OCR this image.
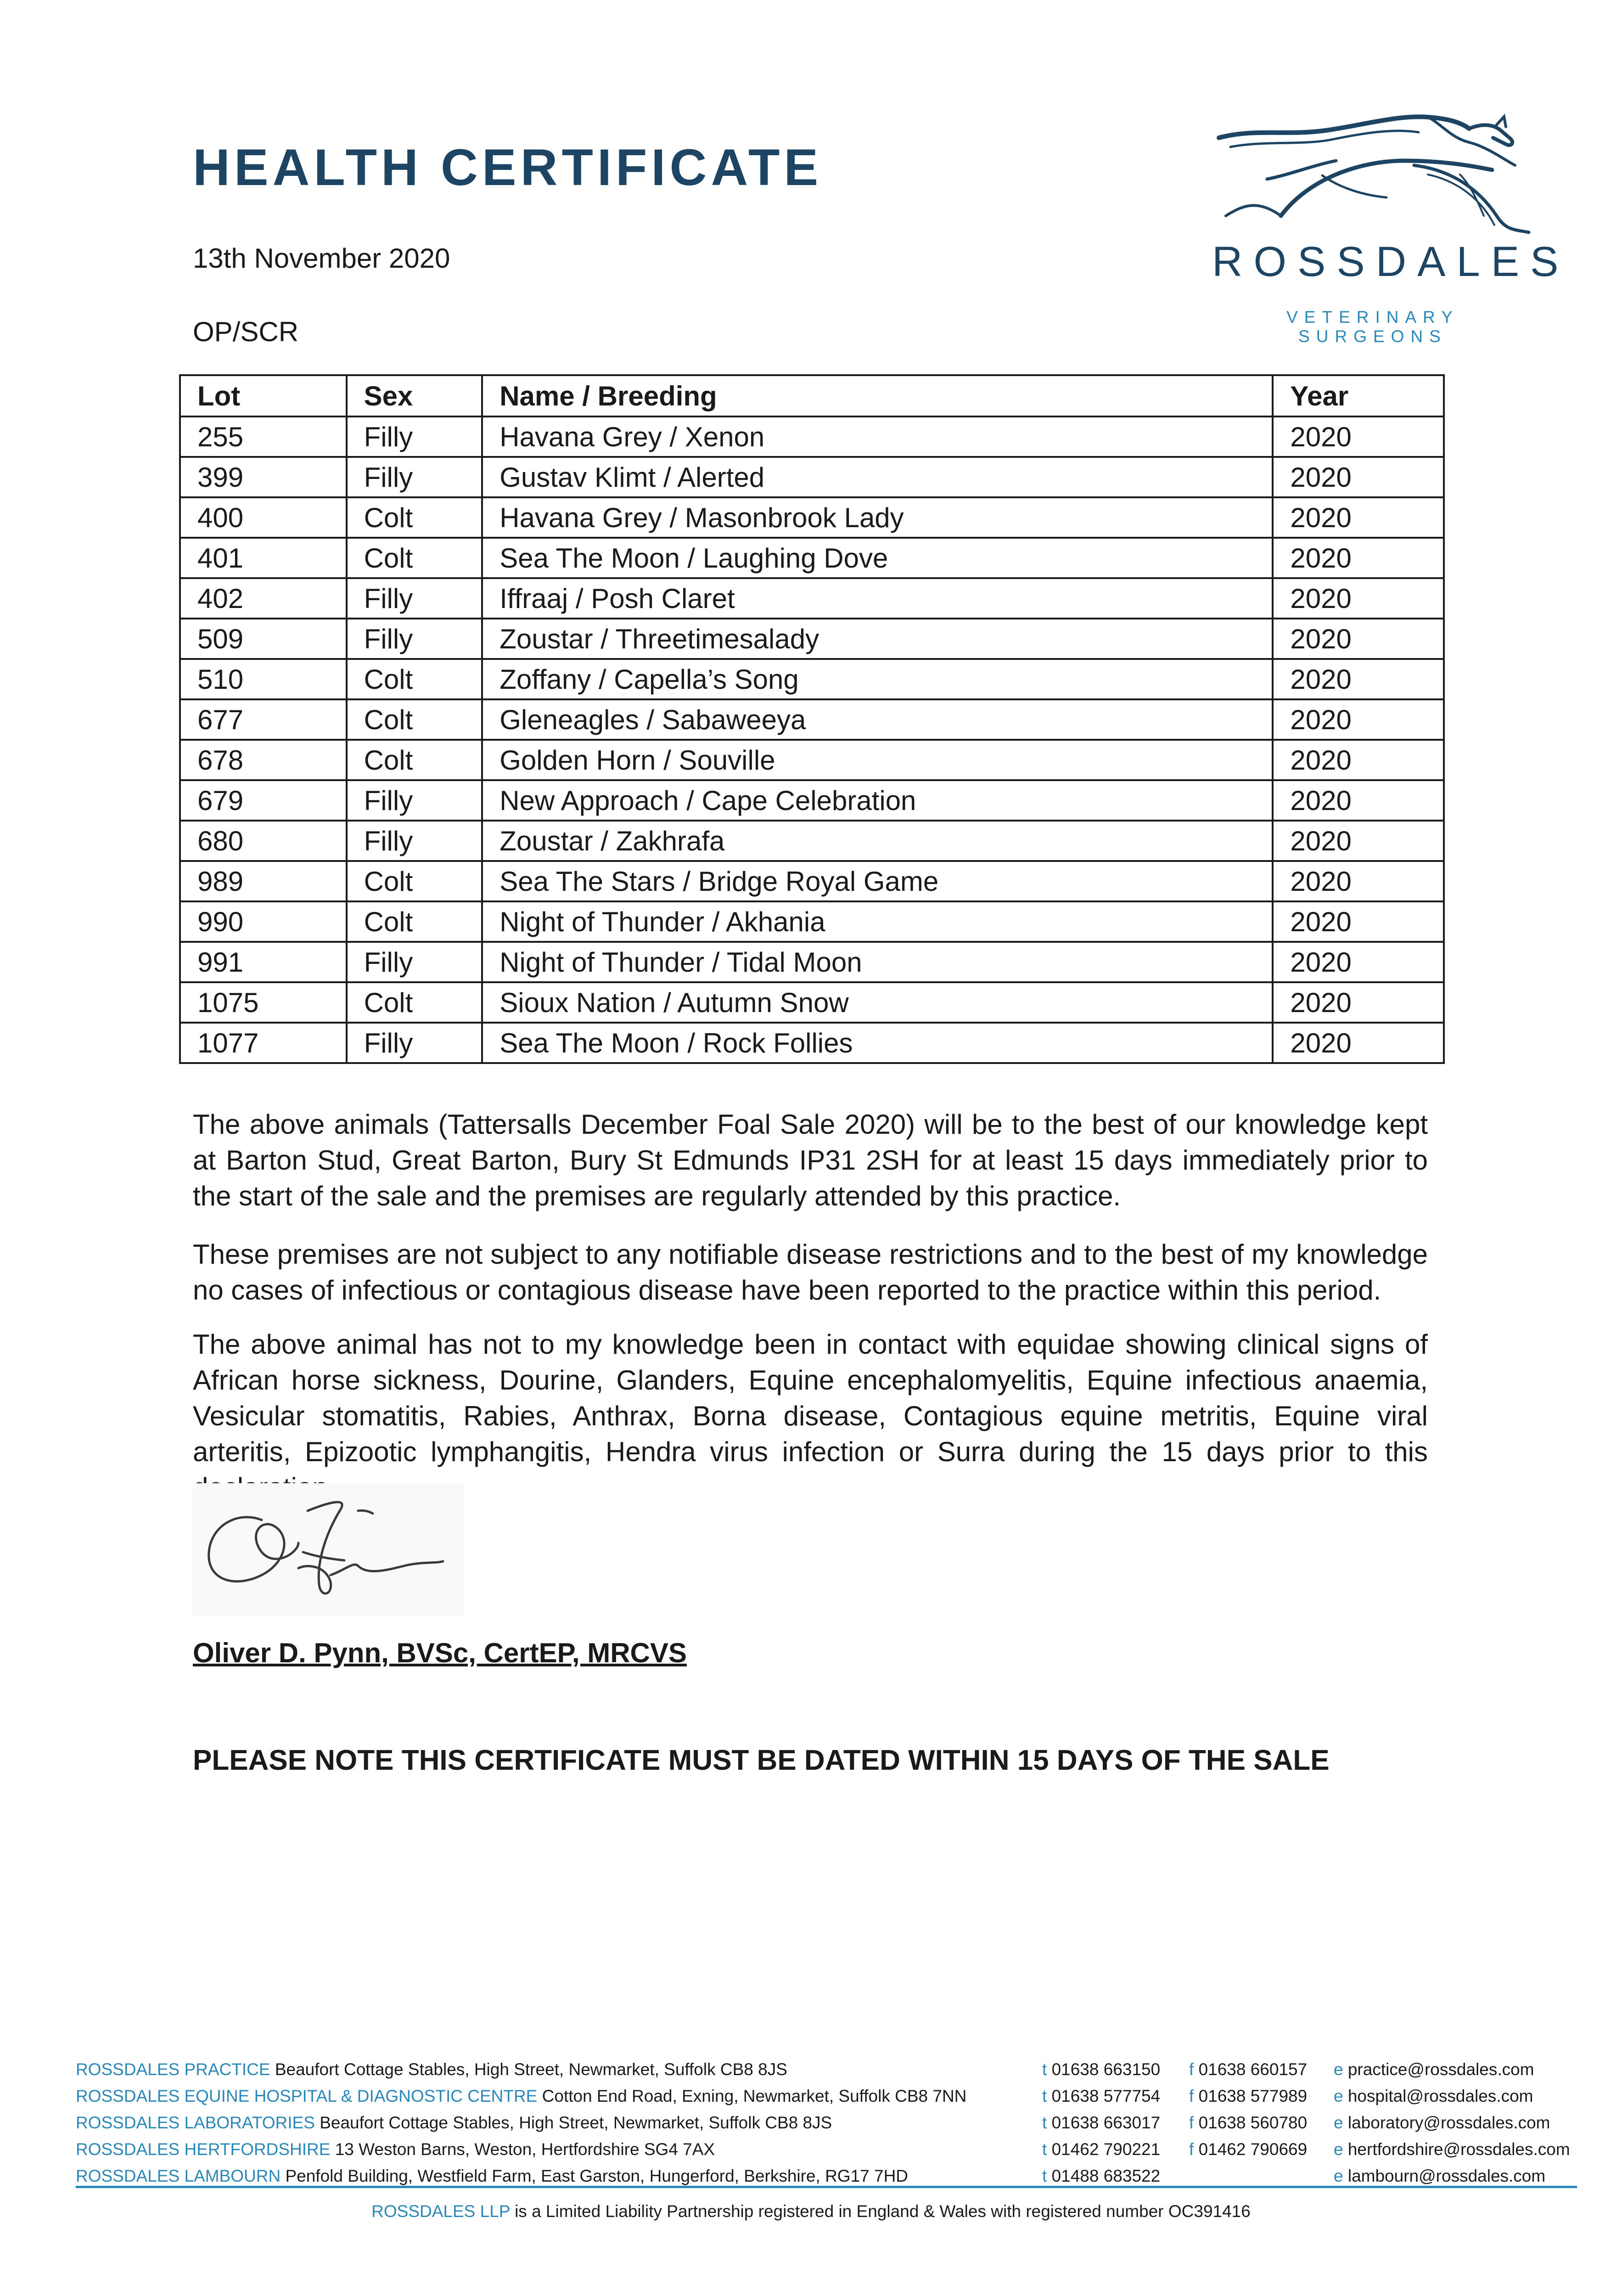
HEALTH CERTIFICATE
13th November 2020
OP/SCR
ROSSDALES
VETERINARY SURGEONS
Lot	Sex	Name / Breeding	Year
255	Filly	Havana Grey / Xenon	2020
399	Filly	Gustav Klimt / Alerted	2020
400	Colt	Havana Grey / Masonbrook Lady	2020
401	Colt	Sea The Moon / Laughing Dove	2020
402	Filly	Iffraaj / Posh Claret	2020
509	Filly	Zoustar / Threetimesalady	2020
510	Colt	Zoffany / Capella’s Song	2020
677	Colt	Gleneagles / Sabaweeya	2020
678	Colt	Golden Horn / Souville	2020
679	Filly	New Approach / Cape Celebration	2020
680	Filly	Zoustar / Zakhrafa	2020
989	Colt	Sea The Stars / Bridge Royal Game	2020
990	Colt	Night of Thunder / Akhania	2020
991	Filly	Night of Thunder / Tidal Moon	2020
1075	Colt	Sioux Nation / Autumn Snow	2020
1077	Filly	Sea The Moon / Rock Follies	2020

The above animals (Tattersalls December Foal Sale 2020) will be to the best of our knowledge kept at Barton Stud, Great Barton, Bury St Edmunds IP31 2SH for at least 15 days immediately prior to the start of the sale and the premises are regularly attended by this practice.

These premises are not subject to any notifiable disease restrictions and to the best of my knowledge no cases of infectious or contagious disease have been reported to the practice within this period.

The above animal has not to my knowledge been in contact with equidae showing clinical signs of African horse sickness, Dourine, Glanders, Equine encephalomyelitis, Equine infectious anaemia, Vesicular stomatitis, Rabies, Anthrax, Borna disease, Contagious equine metritis, Equine viral arteritis, Epizootic lymphangitis, Hendra virus infection or Surra during the 15 days prior to this

Oliver D. Pynn, BVSc, CertEP, MRCVS
PLEASE NOTE THIS CERTIFICATE MUST BE DATED WITHIN 15 DAYS OF THE SALE
ROSSDALES PRACTICE Beaufort Cottage Stables, High Street, Newmarket, Suffolk CB8 8JS	t 01638 663150 f 01638 660157 e practice@rossdales.com
ROSSDALES EQUINE HOSPITAL & DIAGNOSTIC CENTRE Cotton End Road, Exning, Newmarket, Suffolk CB8 7NN	t 01638 577754 f 01638 577989 e hospital@rossdales.com
ROSSDALES LABORATORIES Beaufort Cottage Stables, High Street, Newmarket, Suffolk CB8 8JS	t 01638 663017 f 01638 560780 e laboratory@rossdales.com
ROSSDALES HERTFORDSHIRE 13 Weston Barns, Weston, Hertfordshire SG4 7AX	t 01462 790221 f 01462 790669 e hertfordshire@rossdales.com
ROSSDALES LAMBOURN Penfold Building, Westfield Farm, East Garston, Hungerford, Berkshire, RG17 7HD	t 01488 683522	e lambourn@rossdales.com
ROSSDALES LLP is a Limited Liability Partnership registered in England & Wales with registered number OC391416
